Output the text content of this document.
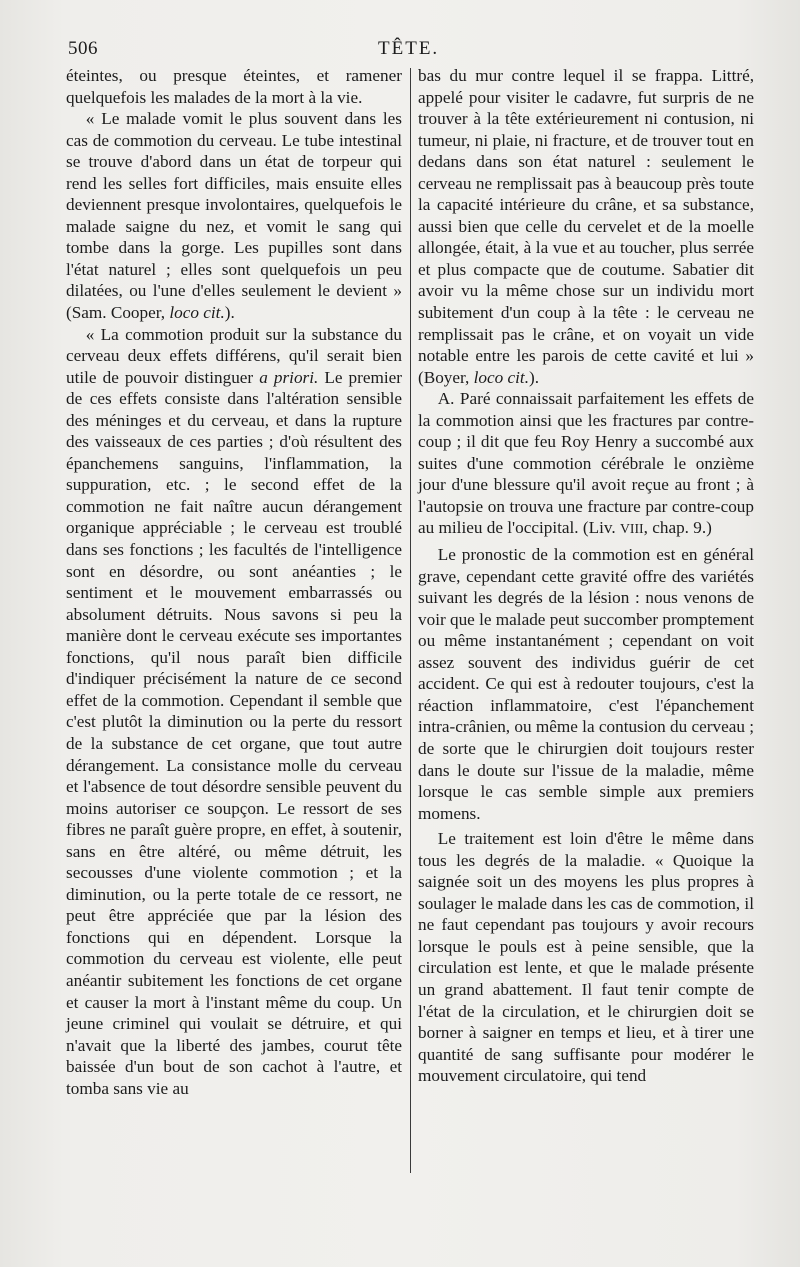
506	TÊTE.

éteintes, ou presque éteintes, et ramener quelquefois les malades de la mort à la vie.

« Le malade vomit le plus souvent dans les cas de commotion du cerveau. Le tube intestinal se trouve d'abord dans un état de torpeur qui rend les selles fort difficiles, mais ensuite elles deviennent presque involontaires, quelquefois le malade saigne du nez, et vomit le sang qui tombe dans la gorge. Les pupilles sont dans l'état naturel ; elles sont quelquefois un peu dilatées, ou l'une d'elles seulement le devient » (Sam. Cooper, loco cit.).

« La commotion produit sur la substance du cerveau deux effets différens, qu'il serait bien utile de pouvoir distinguer a priori. Le premier de ces effets consiste dans l'altération sensible des méninges et du cerveau, et dans la rupture des vaisseaux de ces parties ; d'où résultent des épanchemens sanguins, l'inflammation, la suppuration, etc. ; le second effet de la commotion ne fait naître aucun dérangement organique appréciable ; le cerveau est troublé dans ses fonctions ; les facultés de l'intelligence sont en désordre, ou sont anéanties ; le sentiment et le mouvement embarrassés ou absolument détruits. Nous savons si peu la manière dont le cerveau exécute ses importantes fonctions, qu'il nous paraît bien difficile d'indiquer précisément la nature de ce second effet de la commotion. Cependant il semble que c'est plutôt la diminution ou la perte du ressort de la substance de cet organe, que tout autre dérangement. La consistance molle du cerveau et l'absence de tout désordre sensible peuvent du moins autoriser ce soupçon. Le ressort de ses fibres ne paraît guère propre, en effet, à soutenir, sans en être altéré, ou même détruit, les secousses d'une violente commotion ; et la diminution, ou la perte totale de ce ressort, ne peut être appréciée que par la lésion des fonctions qui en dépendent. Lorsque la commotion du cerveau est violente, elle peut anéantir subitement les fonctions de cet organe et causer la mort à l'instant même du coup. Un jeune criminel qui voulait se détruire, et qui n'avait que la liberté des jambes, courut tête baissée d'un bout de son cachot à l'autre, et tomba sans vie au

bas du mur contre lequel il se frappa. Littré, appelé pour visiter le cadavre, fut surpris de ne trouver à la tête extérieurement ni contusion, ni tumeur, ni plaie, ni fracture, et de trouver tout en dedans dans son état naturel : seulement le cerveau ne remplissait pas à beaucoup près toute la capacité intérieure du crâne, et sa substance, aussi bien que celle du cervelet et de la moelle allongée, était, à la vue et au toucher, plus serrée et plus compacte que de coutume. Sabatier dit avoir vu la même chose sur un individu mort subitement d'un coup à la tête : le cerveau ne remplissait pas le crâne, et on voyait un vide notable entre les parois de cette cavité et lui » (Boyer, loco cit.).

A. Paré connaissait parfaitement les effets de la commotion ainsi que les fractures par contre-coup ; il dit que feu Roy Henry a succombé aux suites d'une commotion cérébrale le onzième jour d'une blessure qu'il avoit reçue au front ; à l'autopsie on trouva une fracture par contre-coup au milieu de l'occipital. (Liv. VIII, chap. 9.)

Le pronostic de la commotion est en général grave, cependant cette gravité offre des variétés suivant les degrés de la lésion : nous venons de voir que le malade peut succomber promptement ou même instantanément ; cependant on voit assez souvent des individus guérir de cet accident. Ce qui est à redouter toujours, c'est la réaction inflammatoire, c'est l'épanchement intra-crânien, ou même la contusion du cerveau ; de sorte que le chirurgien doit toujours rester dans le doute sur l'issue de la maladie, même lorsque le cas semble simple aux premiers momens.

Le traitement est loin d'être le même dans tous les degrés de la maladie. « Quoique la saignée soit un des moyens les plus propres à soulager le malade dans les cas de commotion, il ne faut cependant pas toujours y avoir recours lorsque le pouls est à peine sensible, que la circulation est lente, et que le malade présente un grand abattement. Il faut tenir compte de l'état de la circulation, et le chirurgien doit se borner à saigner en temps et lieu, et à tirer une quantité de sang suffisante pour modérer le mouvement circulatoire, qui tend
